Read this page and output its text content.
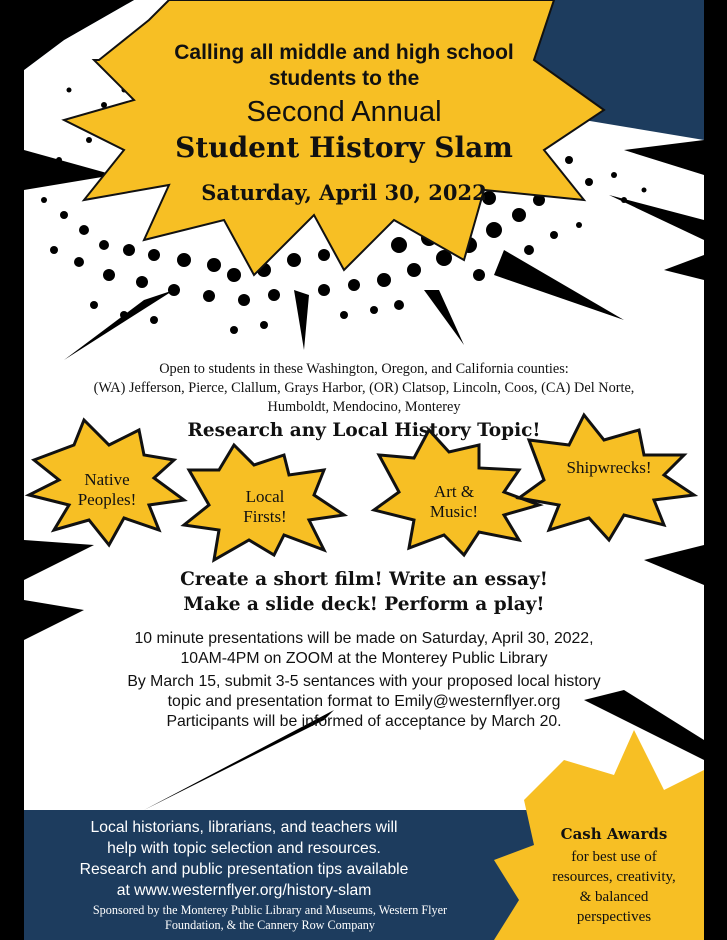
Calling all middle and high school
students to the
Second Annual
Student History Slam
Saturday, April 30, 2022
Open to students in these Washington, Oregon, and California counties:
(WA) Jefferson, Pierce, Clallum, Grays Harbor, (OR) Clatsop, Lincoln, Coos, (CA) Del Norte,
Humboldt, Mendocino, Monterey
Research any Local History Topic!
Native
Peoples!	Local
Firsts!
Art &
Music!
Shipwrecks!
Create a short film! Write an essay!
Make a slide deck! Perform a play!

10 minute presentations will be made on Saturday, April 30, 2022,
10AM-4PM on ZOOM at the Monterey Public Library

By March 15, submit 3-5 sentances with your proposed local history
topic and presentation format to Emily@westernflyer.org
Participants will be informed of acceptance by March 20.

Local historians, librarians, and teachers will
help with topic selection and resources.
Research and public presentation tips available
at www.westernflyer.org/history-slam
Cash Awards
for best use of
resources, creativity,
& balanced
perspectives
Sponsored by the Monterey Public Library and Museums, Western Flyer
Foundation, & the Cannery Row Company
